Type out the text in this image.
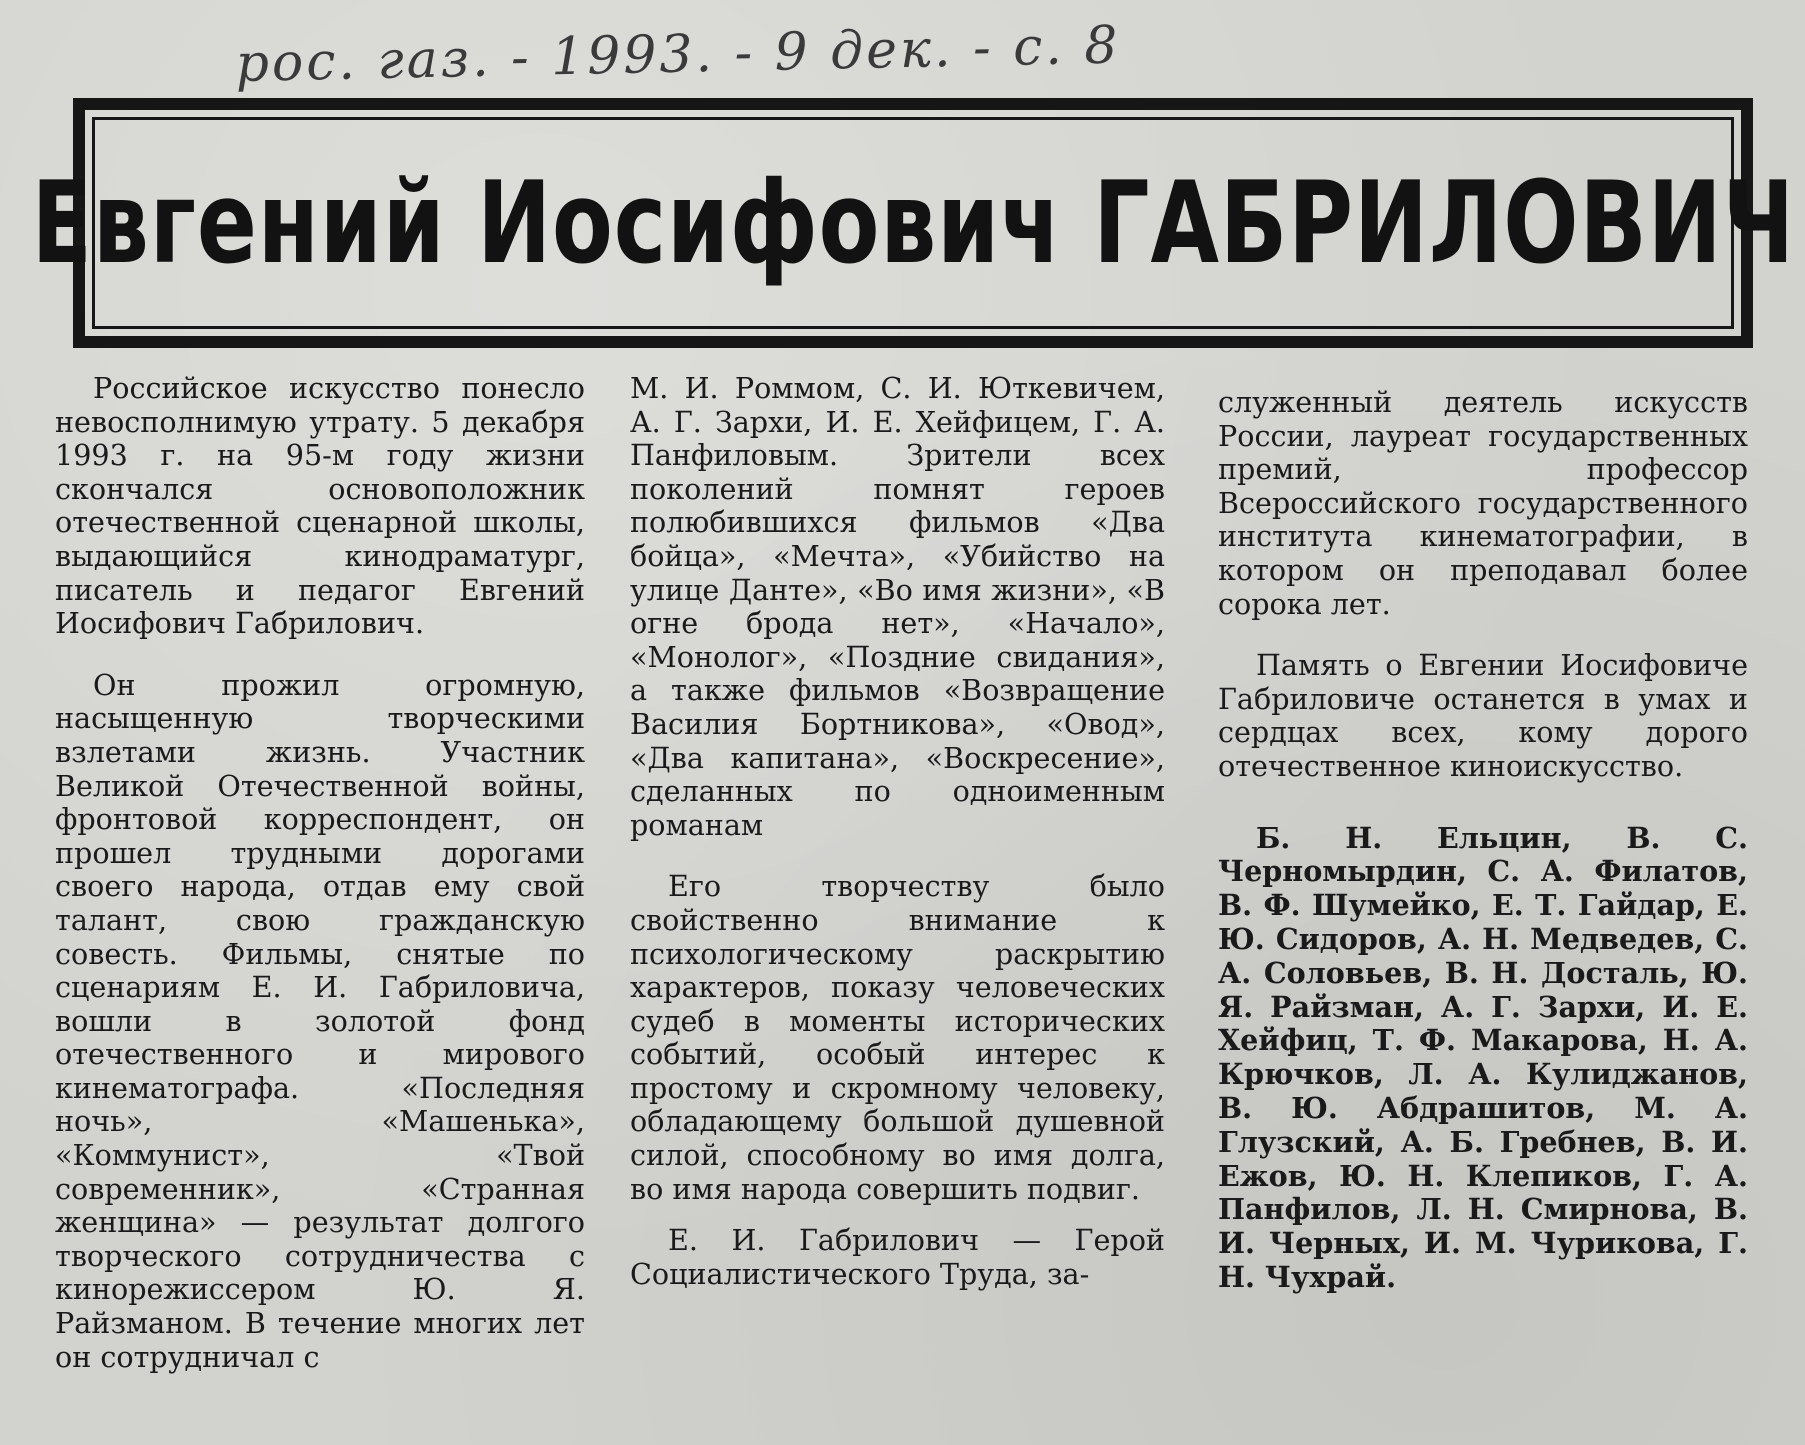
рос. газ. - 1993. - 9 дек. - с. 8
Евгений Иосифович ГАБРИЛОВИЧ

Российское искусство понесло невосполнимую утрату. 5 декабря 1993 г. на 95-м году жизни скончался основоположник отечественной сценарной школы, выдающийся кинодраматург, писатель и педагог Евгений Иосифович Габрилович.

Он прожил огромную, насыщенную творческими взлетами жизнь. Участник Великой Отечественной войны, фронтовой корреспондент, он прошел трудными дорогами своего народа, отдав ему свой талант, свою гражданскую совесть. Фильмы, снятые по сценариям Е. И. Габриловича, вошли в золотой фонд отечественного и мирового кинематографа. «Последняя ночь», «Машенька», «Коммунист», «Твой современник», «Странная женщина» — результат долгого творческого сотрудничества с кинорежиссером Ю. Я. Райзманом. В течение многих лет он сотрудничал с

М. И. Роммом, С. И. Юткевичем, А. Г. Зархи, И. Е. Хейфицем, Г. А. Панфиловым. Зрители всех поколений помнят героев полюбившихся фильмов «Два бойца», «Мечта», «Убийство на улице Данте», «Во имя жизни», «В огне брода нет», «Начало», «Монолог», «Поздние свидания», а также фильмов «Возвращение Василия Бортникова», «Овод», «Два капитана», «Воскресение», сделанных по одноименным романам

Его творчеству было свойственно внимание к психологическому раскрытию характеров, показу человеческих судеб в моменты исторических событий, особый интерес к простому и скромному человеку, обладающему большой душевной силой, способному во имя долга, во имя народа совершить подвиг.

Е. И. Габрилович — Герой Социалистического Труда, за-

служенный деятель искусств России, лауреат государственных премий, профессор Всероссийского государственного института кинематографии, в котором он преподавал более сорока лет.

Память о Евгении Иосифовиче Габриловиче останется в умах и сердцах всех, кому дорого отечественное киноискусство.

Б. Н. Ельцин, В. С. Черномырдин, С. А. Филатов, В. Ф. Шумейко, Е. Т. Гайдар, Е. Ю. Сидоров, А. Н. Медведев, С. А. Соловьев, В. Н. Досталь, Ю. Я. Райзман, А. Г. Зархи, И. Е. Хейфиц, Т. Ф. Макарова, Н. А. Крючков, Л. А. Кулиджанов, В. Ю. Абдрашитов, М. А. Глузский, А. Б. Гребнев, В. И. Ежов, Ю. Н. Клепиков, Г. А. Панфилов, Л. Н. Смирнова, В. И. Черных, И. М. Чурикова, Г. Н. Чухрай.
